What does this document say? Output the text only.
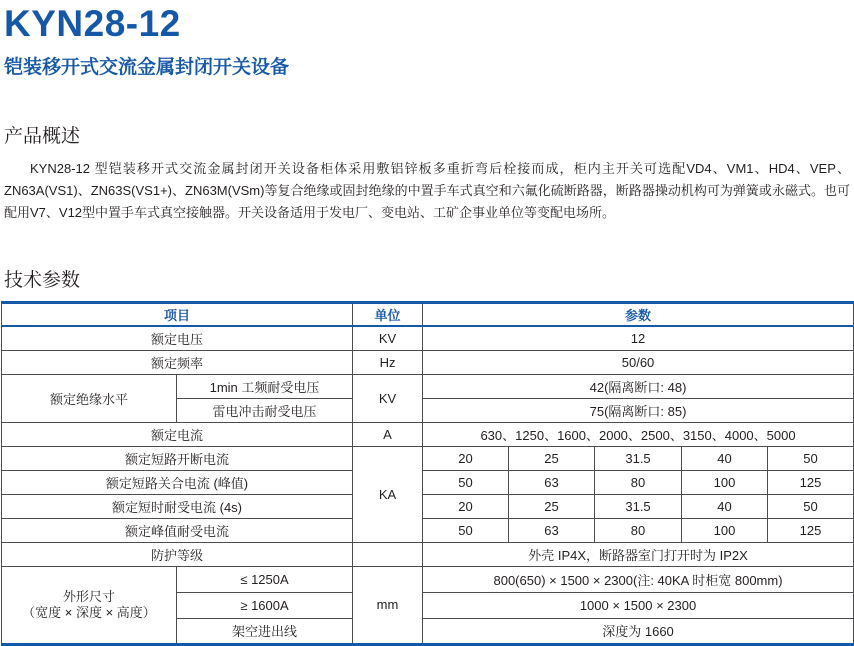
KYN28-12
铠装移开式交流金属封闭开关设备
产品概述

KYN28-12 型铠装移开式交流金属封闭开关设备柜体采用敷铝锌板多重折弯后栓接而成，柜内主开关可选配VD4、VM1、HD4、VEP、ZN63A(VS1)、ZN63S(VS1+)、ZN63M(VSm)等复合绝缘或固封绝缘的中置手车式真空和六氟化硫断路器，断路器操动机构可为弹簧或永磁式。也可配用V7、V12型中置手车式真空接触器。开关设备适用于发电厂、变电站、工矿企事业单位等变配电场所。

技术参数
项目		单位	参数				
额定电压		KV	12				
额定频率		Hz	50/60				
额定绝缘水平	1min 工频耐受电压	KV	42(隔离断口: 48)				
	雷电冲击耐受电压		75(隔离断口: 85)				
额定电流		A	630、1250、1600、2000、2500、3150、4000、5000				
额定短路开断电流		KA	20	25	31.5	40	50
额定短路关合电流 (峰值)			50	63	80	100	125
额定短时耐受电流 (4s)			20	25	31.5	40	50
额定峰值耐受电流			50	63	80	100	125
防护等级			外壳 IP4X，断路器室门打开时为 IP2X				

外形尺寸
（宽度 × 深度 × 高度）	≤ 1250A	mm	800(650) × 1500 × 2300(注: 40KA 时柜宽 800mm)				
	≥ 1600A		1000 × 1500 × 2300				
	架空进出线		深度为 1660				
